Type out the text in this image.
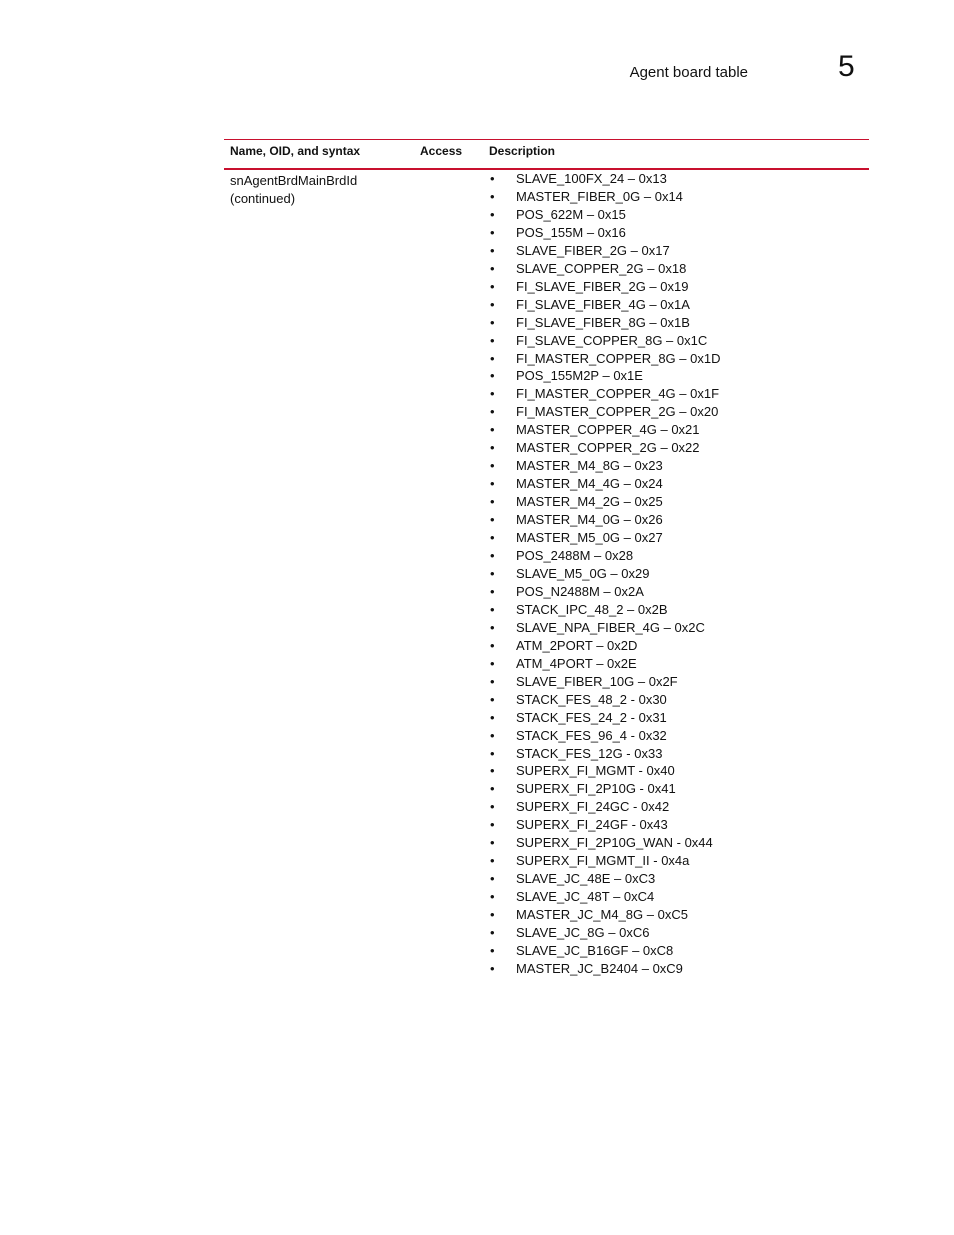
Agent board table	5
Name, OID, and syntax	Access Description
snAgentBrdMainBrdId
(continued)
• SLAVE_100FX_24 – 0x13
• MASTER_FIBER_0G – 0x14
• POS_622M – 0x15
• POS_155M – 0x16
• SLAVE_FIBER_2G – 0x17
• SLAVE_COPPER_2G – 0x18
• FI_SLAVE_FIBER_2G – 0x19
• FI_SLAVE_FIBER_4G – 0x1A
• FI_SLAVE_FIBER_8G – 0x1B
• FI_SLAVE_COPPER_8G – 0x1C
• FI_MASTER_COPPER_8G – 0x1D
• POS_155M2P – 0x1E
• FI_MASTER_COPPER_4G – 0x1F
• FI_MASTER_COPPER_2G – 0x20
• MASTER_COPPER_4G – 0x21
• MASTER_COPPER_2G – 0x22
• MASTER_M4_8G – 0x23
• MASTER_M4_4G – 0x24
• MASTER_M4_2G – 0x25
• MASTER_M4_0G – 0x26
• MASTER_M5_0G – 0x27
• POS_2488M – 0x28
• SLAVE_M5_0G – 0x29
• POS_N2488M – 0x2A
• STACK_IPC_48_2 – 0x2B
• SLAVE_NPA_FIBER_4G – 0x2C
• ATM_2PORT – 0x2D
• ATM_4PORT – 0x2E
• SLAVE_FIBER_10G – 0x2F
• STACK_FES_48_2 - 0x30
• STACK_FES_24_2 - 0x31
• STACK_FES_96_4 - 0x32
• STACK_FES_12G - 0x33
• SUPERX_FI_MGMT - 0x40
• SUPERX_FI_2P10G - 0x41
• SUPERX_FI_24GC - 0x42
• SUPERX_FI_24GF - 0x43
• SUPERX_FI_2P10G_WAN - 0x44
• SUPERX_FI_MGMT_II - 0x4a
• SLAVE_JC_48E – 0xC3
• SLAVE_JC_48T – 0xC4
• MASTER_JC_M4_8G – 0xC5
• SLAVE_JC_8G – 0xC6
• SLAVE_JC_B16GF – 0xC8
• MASTER_JC_B2404 – 0xC9
